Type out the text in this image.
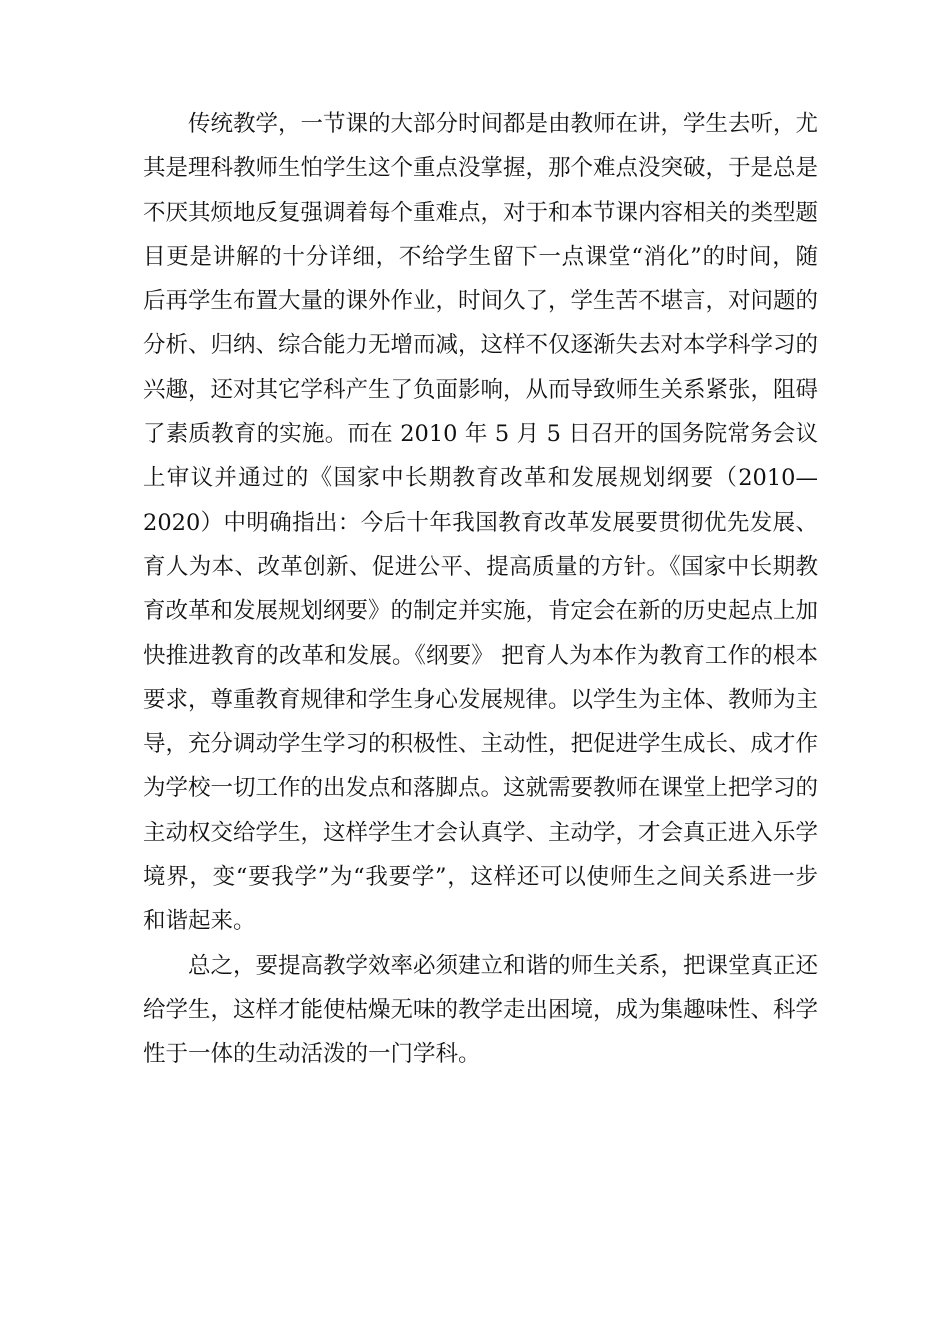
传统教学，一节课的大部分时间都是由教师在讲，学生去听，尤其是理科教师生怕学生这个重点没掌握，那个难点没突破，于是总是不厌其烦地反复强调着每个重难点，对于和本节课内容相关的类型题目更是讲解的十分详细，不给学生留下一点课堂“消化”的时间，随后再学生布置大量的课外作业，时间久了，学生苦不堪言，对问题的分析、归纳、综合能力无增而减，这样不仅逐渐失去对本学科学习的兴趣，还对其它学科产生了负面影响，从而导致师生关系紧张，阻碍了素质教育的实施。而在 2010 年 5 月 5 日召开的国务院常务会议上审议并通过的《国家中长期教育改革和发展规划纲要（2010—2020）中明确指出：今后十年我国教育改革发展要贯彻优先发展、育人为本、改革创新、促进公平、提高质量的方针。《国家中长期教育改革和发展规划纲要》的制定并实施，肯定会在新的历史起点上加快推进教育的改革和发展。《纲要》 把育人为本作为教育工作的根本要求，尊重教育规律和学生身心发展规律。以学生为主体、教师为主导，充分调动学生学习的积极性、主动性，把促进学生成长、成才作为学校一切工作的出发点和落脚点。这就需要教师在课堂上把学习的主动权交给学生，这样学生才会认真学、主动学，才会真正进入乐学境界，变“要我学”为“我要学”，这样还可以使师生之间关系进一步和谐起来。

总之，要提高教学效率必须建立和谐的师生关系，把课堂真正还给学生，这样才能使枯燥无味的教学走出困境，成为集趣味性、科学性于一体的生动活泼的一门学科。
